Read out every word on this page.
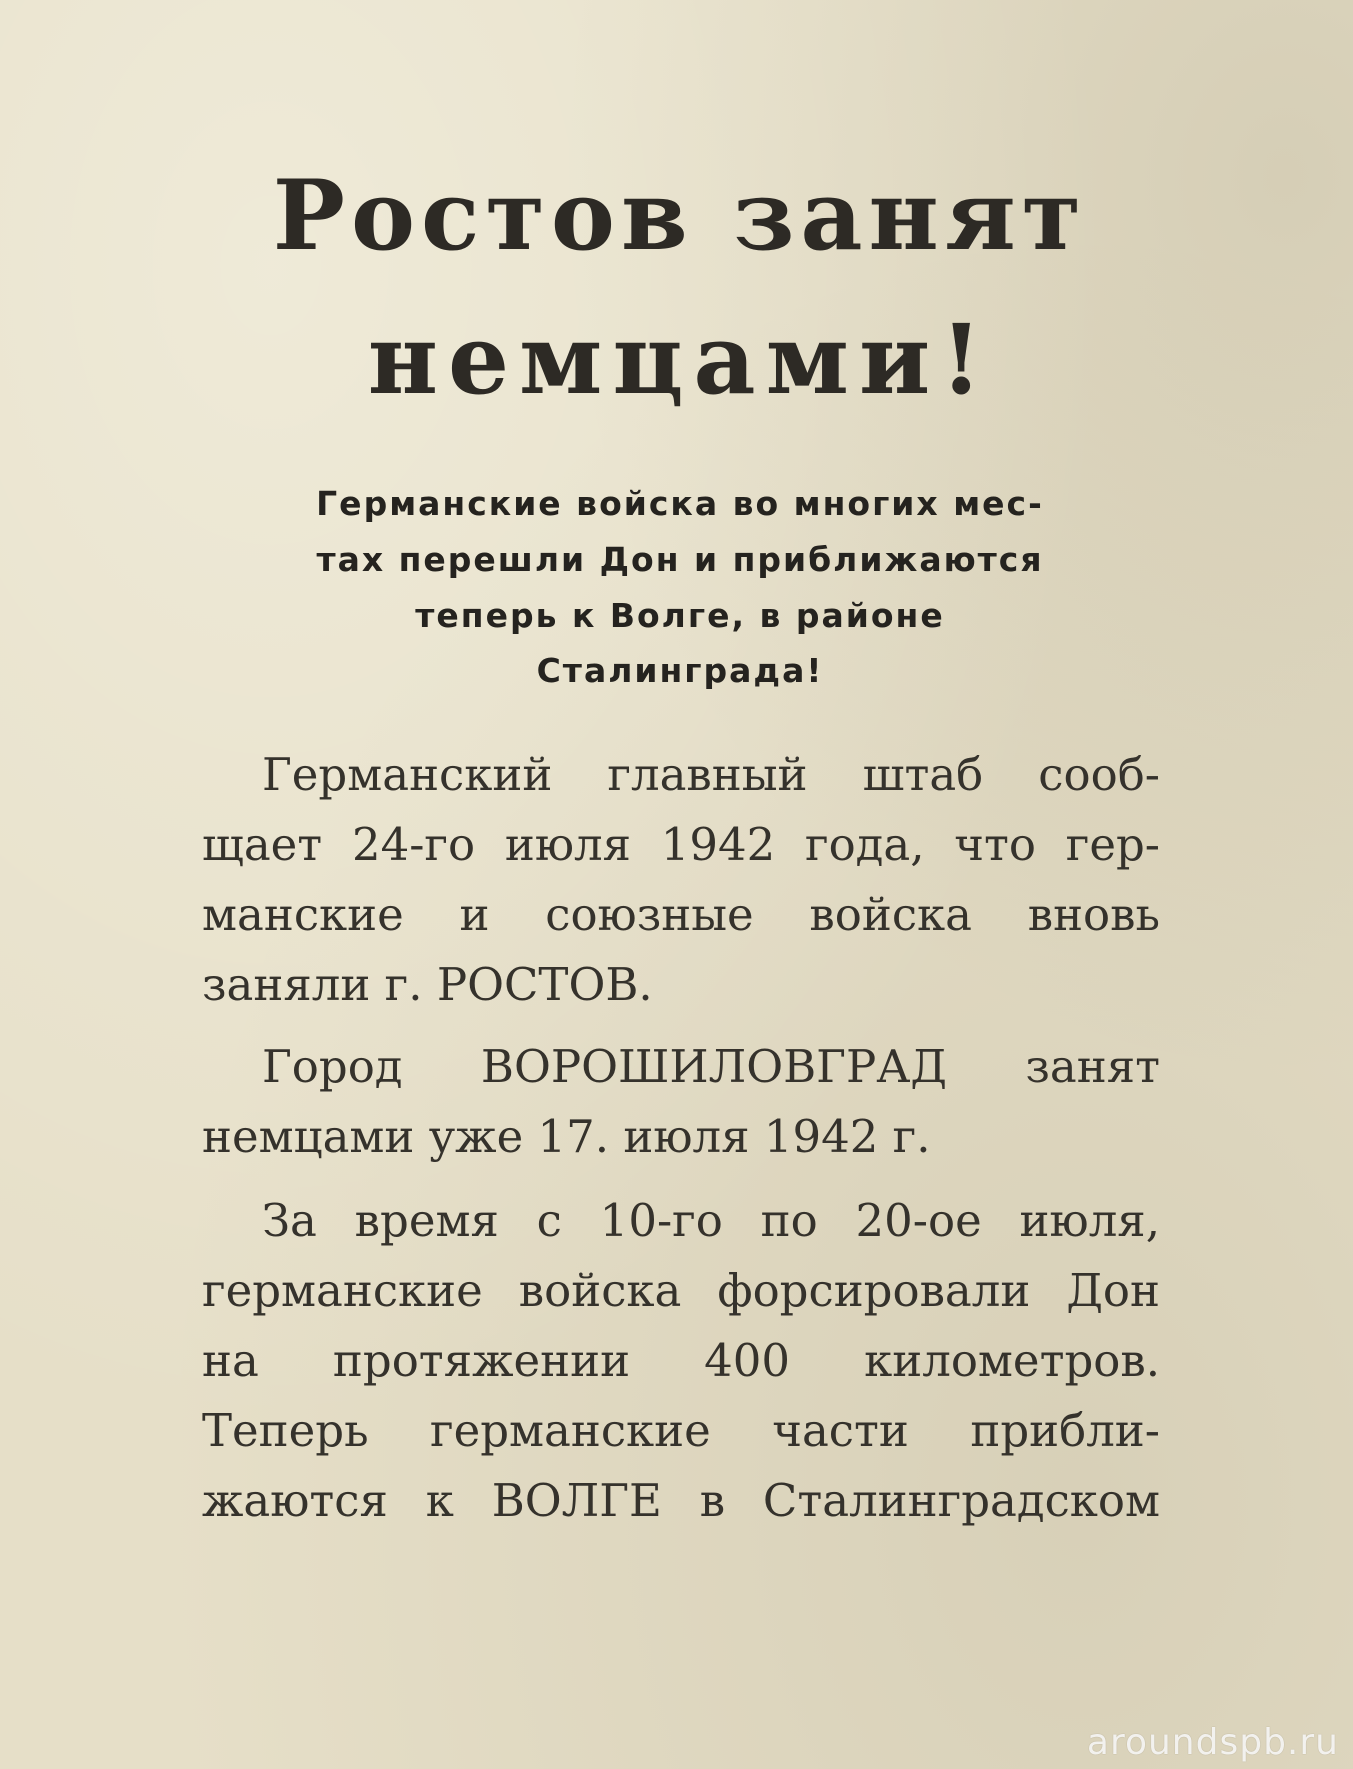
Ростов занят
немцами!
Германские войска во многих мес-
тах перешли Дон и приближаются
теперь к Волге, в районе
Сталинграда!
Германский главный штаб сооб-
щает 24-го июля 1942 года, что гер-
манские и союзные войска вновь
заняли г. РОСТОВ.
Город ВОРОШИЛОВГРАД занят
немцами уже 17. июля 1942 г.
За время с 10-го по 20-ое июля,
германские войска форсировали Дон
на протяжении 400 километров.
Теперь германские части прибли-
жаются к ВОЛГЕ в Сталинградском
aroundspb.ru
